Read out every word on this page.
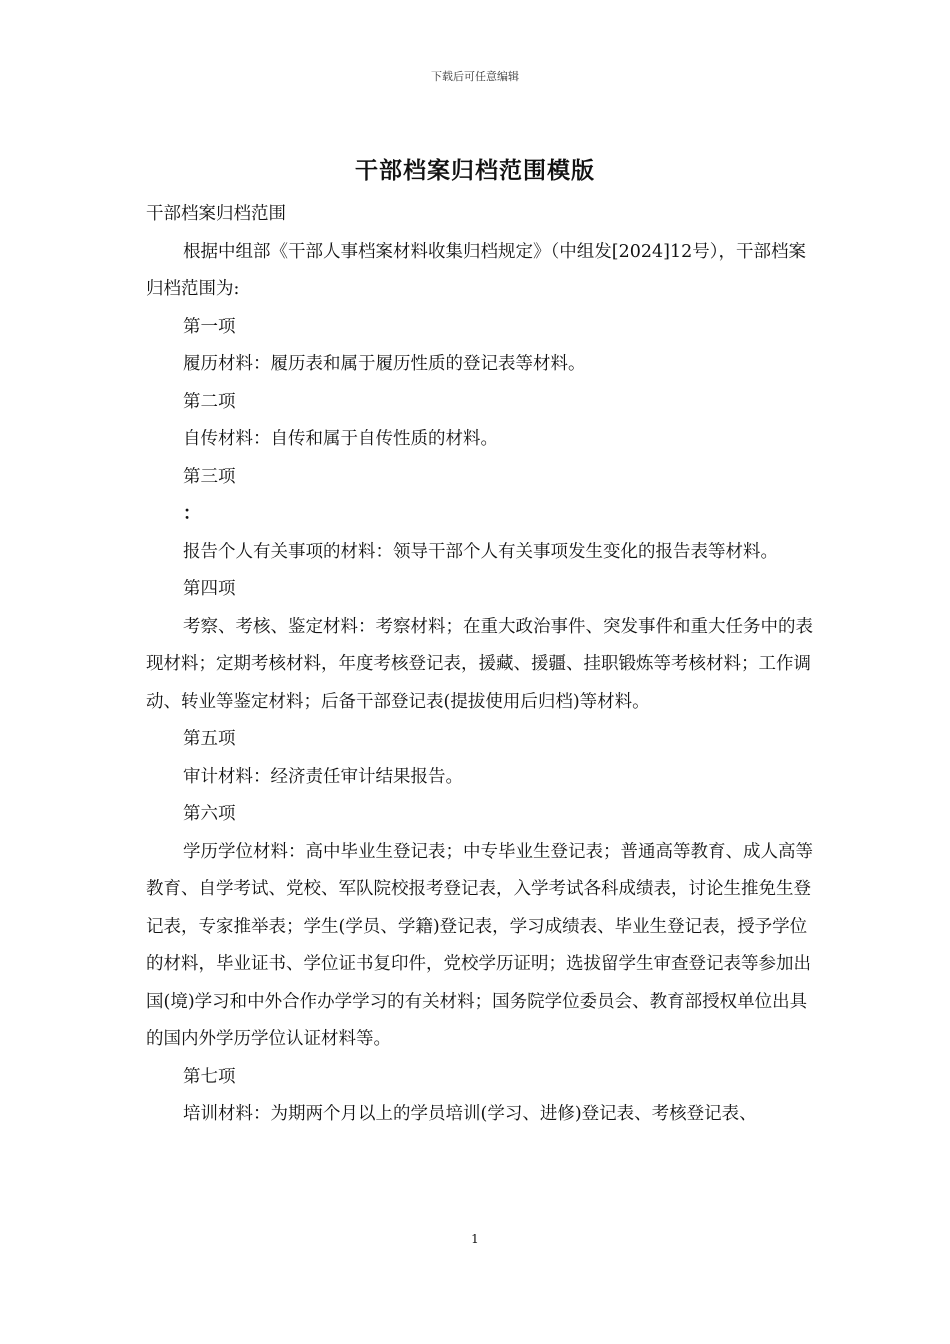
下载后可任意编辑
干部档案归档范围模版

干部档案归档范围

根据中组部《干部人事档案材料收集归档规定》（中组发[2024]12号），干部档案归档范围为:

第一项

履历材料：履历表和属于履历性质的登记表等材料。

第二项

自传材料：自传和属于自传性质的材料。

第三项

：

报告个人有关事项的材料：领导干部个人有关事项发生变化的报告表等材料。

第四项

考察、考核、鉴定材料：考察材料；在重大政治事件、突发事件和重大任务中的表现材料；定期考核材料，年度考核登记表，援藏、援疆、挂职锻炼等考核材料；工作调动、转业等鉴定材料；后备干部登记表(提拔使用后归档)等材料。

第五项

审计材料：经济责任审计结果报告。

第六项

学历学位材料：高中毕业生登记表；中专毕业生登记表；普通高等教育、成人高等教育、自学考试、党校、军队院校报考登记表，入学考试各科成绩表，讨论生推免生登记表，专家推举表；学生(学员、学籍)登记表，学习成绩表、毕业生登记表，授予学位的材料，毕业证书、学位证书复印件，党校学历证明；选拔留学生审查登记表等参加出国(境)学习和中外合作办学学习的有关材料；国务院学位委员会、教育部授权单位出具的国内外学历学位认证材料等。

第七项

培训材料：为期两个月以上的学员培训(学习、进修)登记表、考核登记表、

1
